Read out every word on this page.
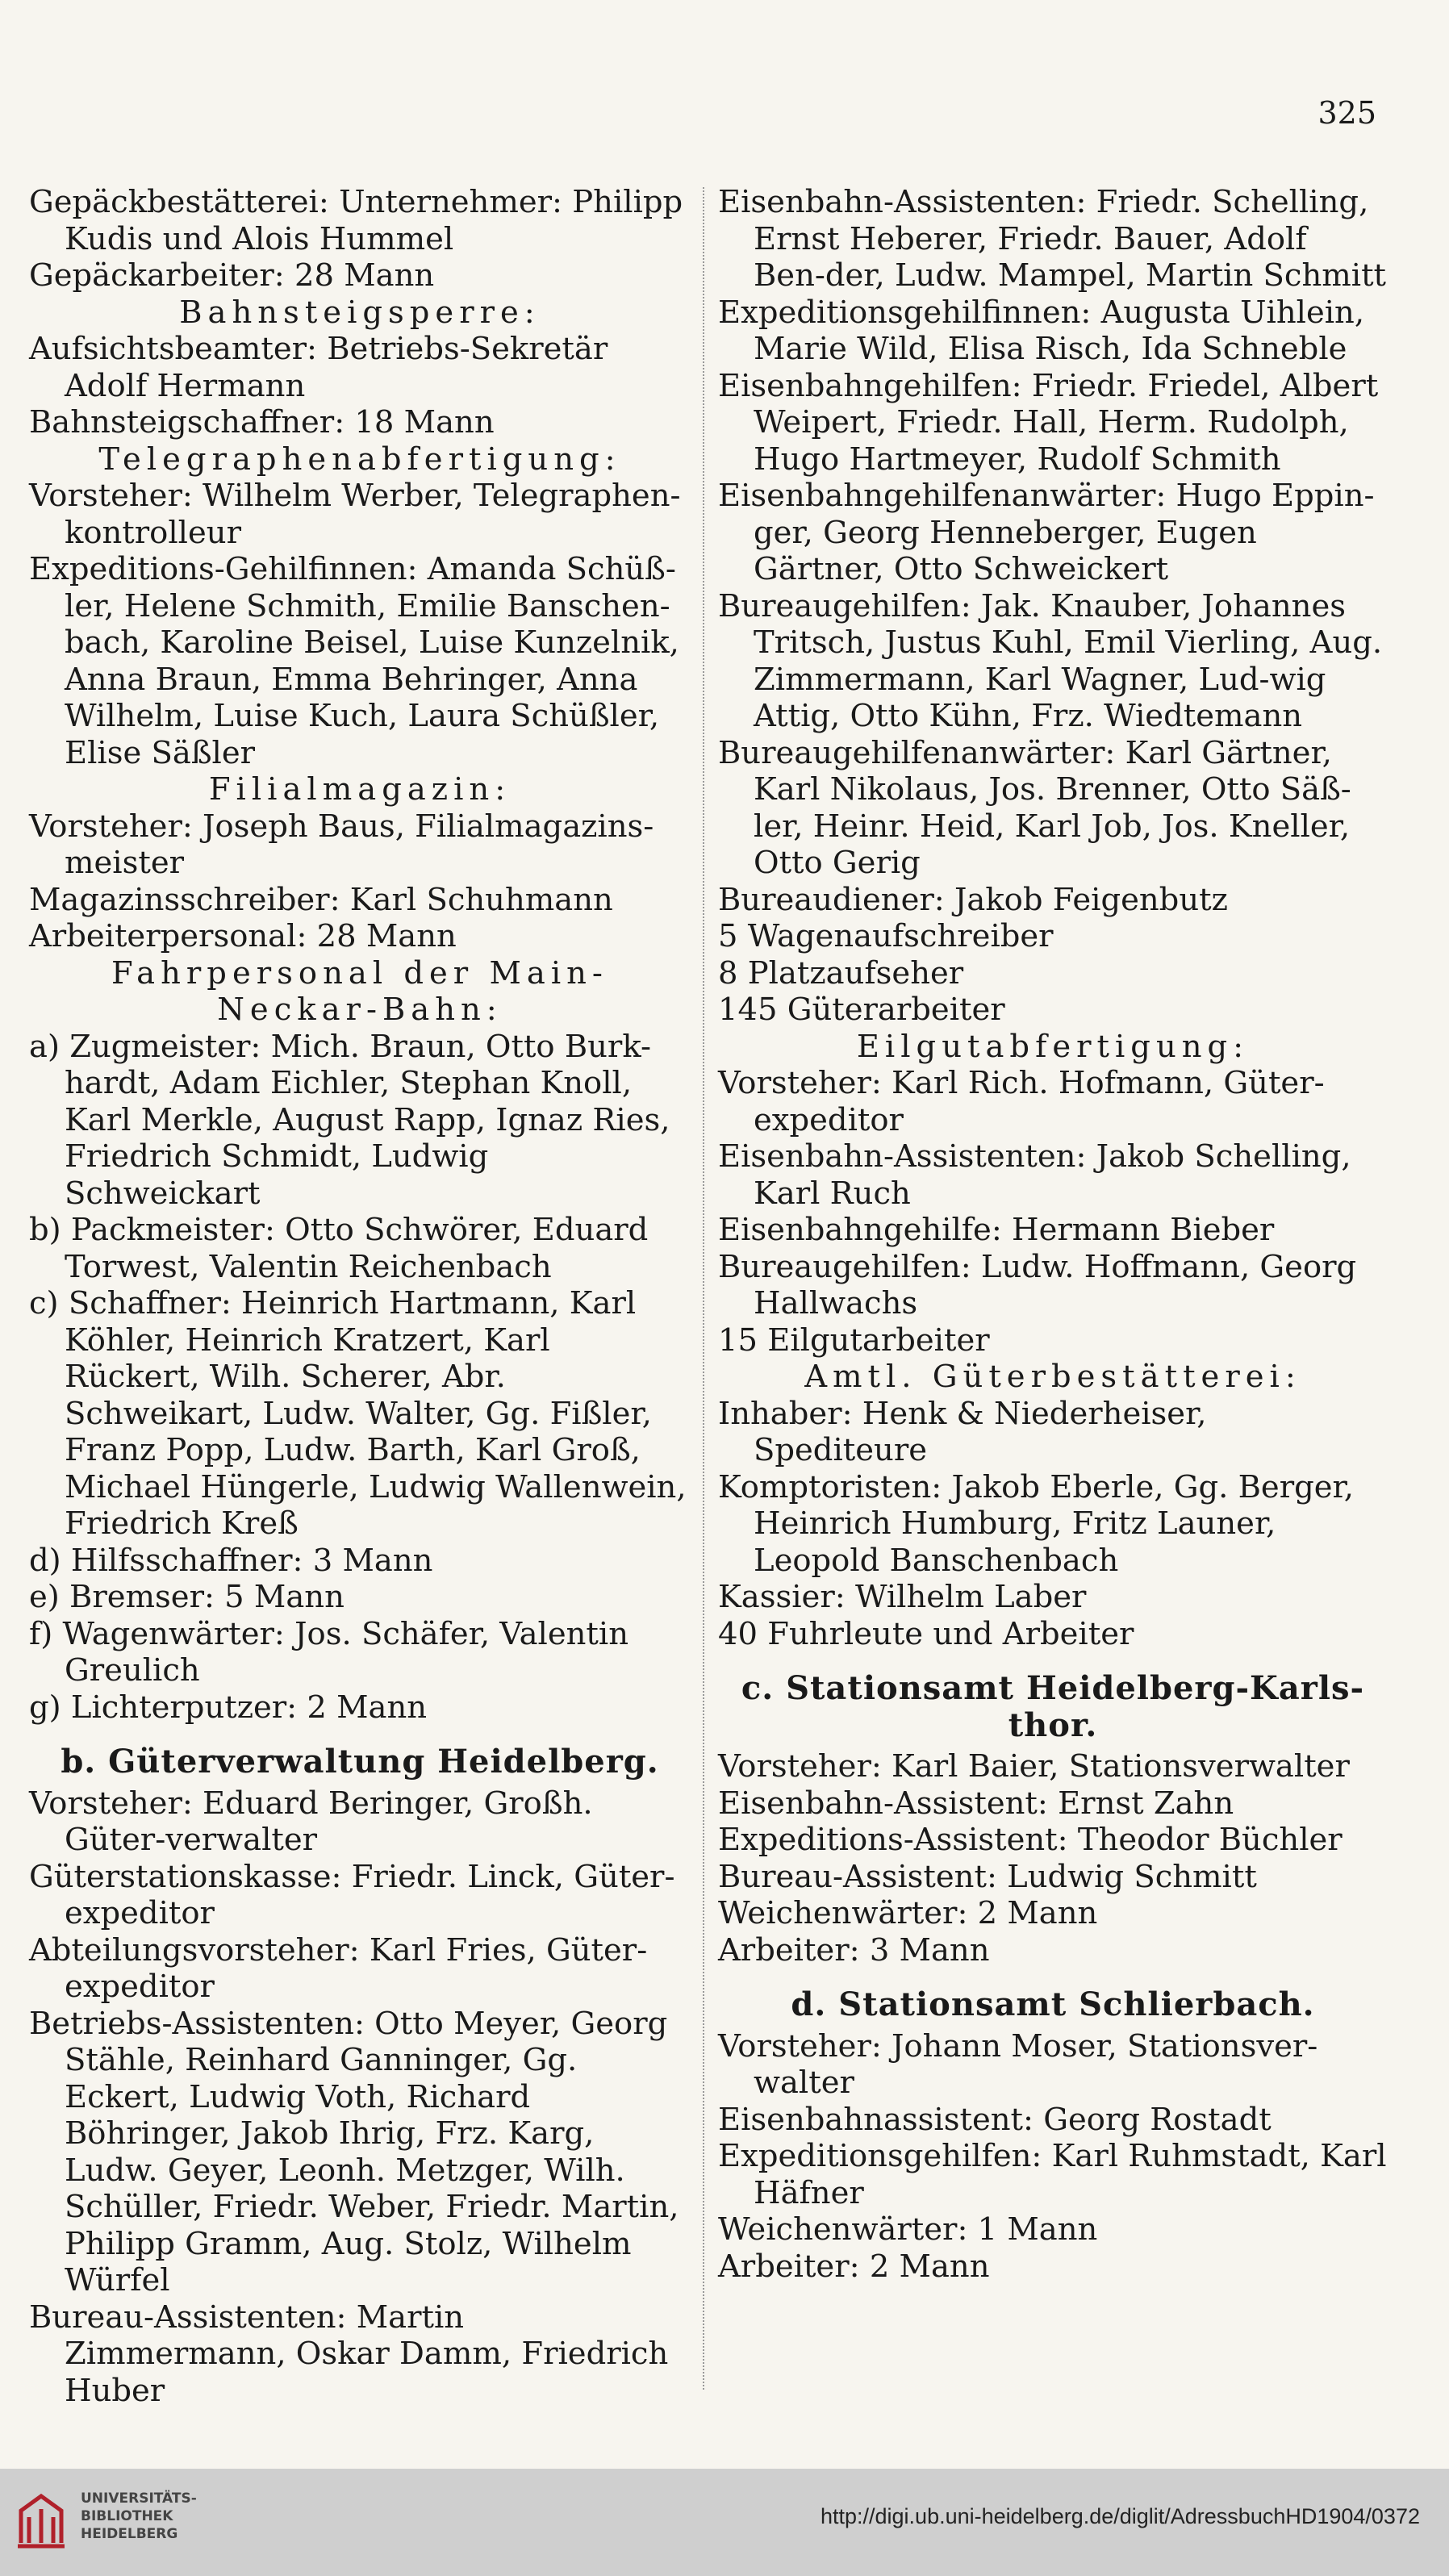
325
Gepäckbestätterei: Unternehmer: Philipp Kudis und Alois Hummel
Gepäckarbeiter: 28 Mann
Bahnsteigsperre:
Aufsichtsbeamter: Betriebs-Sekretär Adolf Hermann
Bahnsteigschaffner: 18 Mann
Telegraphenabfertigung:
Vorsteher: Wilhelm Werber, Telegraphen-kontrolleur
Expeditions-Gehilfinnen: Amanda Schüß-ler, Helene Schmith, Emilie Banschen-bach, Karoline Beisel, Luise Kunzelnik, Anna Braun, Emma Behringer, Anna Wilhelm, Luise Kuch, Laura Schüßler, Elise Säßler
Filialmagazin:
Vorsteher: Joseph Baus, Filialmagazins-meister
Magazinsschreiber: Karl Schuhmann
Arbeiterpersonal: 28 Mann
Fahrpersonal der Main-Neckar-Bahn:
a) Zugmeister: Mich. Braun, Otto Burk-hardt, Adam Eichler, Stephan Knoll, Karl Merkle, August Rapp, Ignaz Ries, Friedrich Schmidt, Ludwig Schweickart
b) Packmeister: Otto Schwörer, Eduard Torwest, Valentin Reichenbach
c) Schaffner: Heinrich Hartmann, Karl Köhler, Heinrich Kratzert, Karl Rückert, Wilh. Scherer, Abr. Schweikart, Ludw. Walter, Gg. Fißler, Franz Popp, Ludw. Barth, Karl Groß, Michael Hüngerle, Ludwig Wallenwein, Friedrich Kreß
d) Hilfsschaffner: 3 Mann
e) Bremser: 5 Mann
f) Wagenwärter: Jos. Schäfer, Valentin Greulich
g) Lichterputzer: 2 Mann
b. Güterverwaltung Heidelberg.
Vorsteher: Eduard Beringer, Großh. Güter-verwalter
Güterstationskasse: Friedr. Linck, Güter-expeditor
Abteilungsvorsteher: Karl Fries, Güter-expeditor
Betriebs-Assistenten: Otto Meyer, Georg Stähle, Reinhard Ganninger, Gg. Eckert, Ludwig Voth, Richard Böhringer, Jakob Ihrig, Frz. Karg, Ludw. Geyer, Leonh. Metzger, Wilh. Schüller, Friedr. Weber, Friedr. Martin, Philipp Gramm, Aug. Stolz, Wilhelm Würfel
Bureau-Assistenten: Martin Zimmermann, Oskar Damm, Friedrich Huber
Eisenbahn-Assistenten: Friedr. Schelling, Ernst Heberer, Friedr. Bauer, Adolf Ben-der, Ludw. Mampel, Martin Schmitt
Expeditionsgehilfinnen: Augusta Uihlein, Marie Wild, Elisa Risch, Ida Schneble
Eisenbahngehilfen: Friedr. Friedel, Albert Weipert, Friedr. Hall, Herm. Rudolph, Hugo Hartmeyer, Rudolf Schmith
Eisenbahngehilfenanwärter: Hugo Eppin-ger, Georg Henneberger, Eugen Gärtner, Otto Schweickert
Bureaugehilfen: Jak. Knauber, Johannes Tritsch, Justus Kuhl, Emil Vierling, Aug. Zimmermann, Karl Wagner, Lud-wig Attig, Otto Kühn, Frz. Wiedtemann
Bureaugehilfenanwärter: Karl Gärtner, Karl Nikolaus, Jos. Brenner, Otto Säß-ler, Heinr. Heid, Karl Job, Jos. Kneller, Otto Gerig
Bureaudiener: Jakob Feigenbutz
5 Wagenaufschreiber
8 Platzaufseher
145 Güterarbeiter
Eilgutabfertigung:
Vorsteher: Karl Rich. Hofmann, Güter-expeditor
Eisenbahn-Assistenten: Jakob Schelling, Karl Ruch
Eisenbahngehilfe: Hermann Bieber
Bureaugehilfen: Ludw. Hoffmann, Georg Hallwachs
15 Eilgutarbeiter
Amtl. Güterbestätterei:
Inhaber: Henk & Niederheiser, Spediteure
Komptoristen: Jakob Eberle, Gg. Berger, Heinrich Humburg, Fritz Launer, Leopold Banschenbach
Kassier: Wilhelm Laber
40 Fuhrleute und Arbeiter
c. Stationsamt Heidelberg-Karls-thor.
Vorsteher: Karl Baier, Stationsverwalter
Eisenbahn-Assistent: Ernst Zahn
Expeditions-Assistent: Theodor Büchler
Bureau-Assistent: Ludwig Schmitt
Weichenwärter: 2 Mann
Arbeiter: 3 Mann
d. Stationsamt Schlierbach.
Vorsteher: Johann Moser, Stationsver-walter
Eisenbahnassistent: Georg Rostadt
Expeditionsgehilfen: Karl Ruhmstadt, Karl Häfner
Weichenwärter: 1 Mann
Arbeiter: 2 Mann
UNIVERSITÄTS-
BIBLIOTHEK
HEIDELBERG
http://digi.ub.uni-heidelberg.de/diglit/AdressbuchHD1904/0372
